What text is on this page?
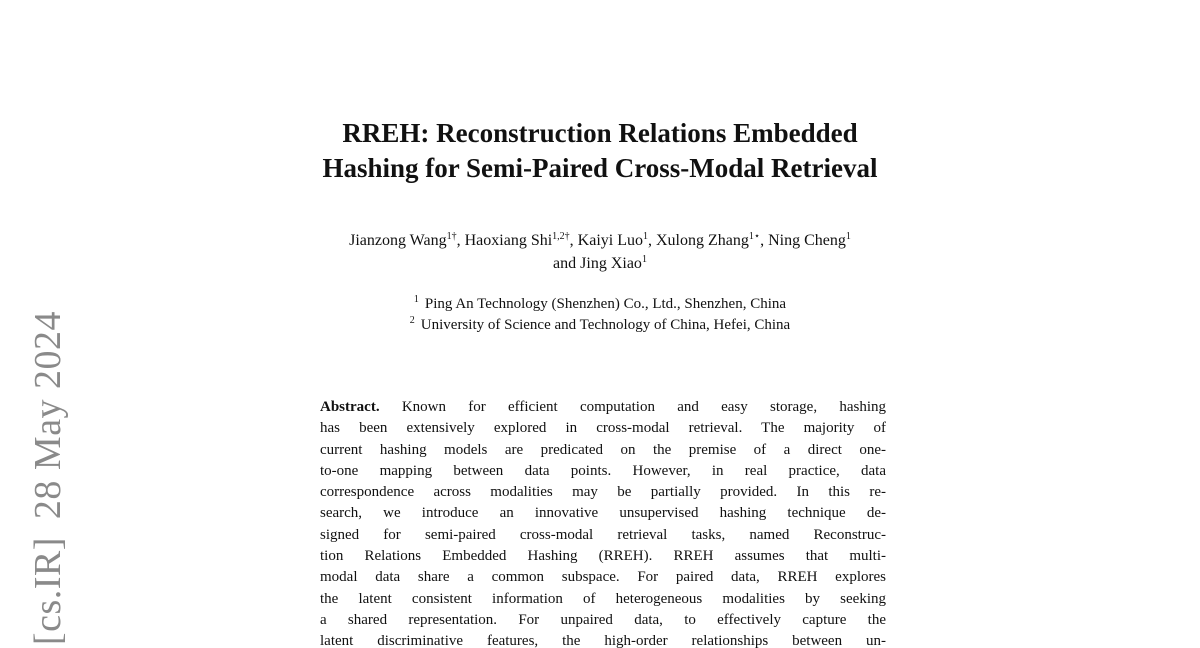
[cs.IR]28 May 2024
RREH: Reconstruction Relations Embedded
Hashing for Semi-Paired Cross-Modal Retrieval
Jianzong Wang$^{1\dagger}$, Haoxiang Shi$^{1,2\dagger}$, Kaiyi Luo$^1$, Xulong Zhang$^{1⋆}$, Ning Cheng$^1$
and Jing Xiao$^1$
$^1$ Ping An Technology (Shenzhen) Co., Ltd., Shenzhen, China
$^2$ University of Science and Technology of China, Hefei, China
Abstract. Known for efficient computation and easy storage, hashing
has been extensively explored in cross-modal retrieval. The majority of
current hashing models are predicated on the premise of a direct one-
to-one mapping between data points. However, in real practice, data
correspondence across modalities may be partially provided. In this re-
search, we introduce an innovative unsupervised hashing technique de-
signed for semi-paired cross-modal retrieval tasks, named Reconstruc-
tion Relations Embedded Hashing (RREH). RREH assumes that multi-
modal data share a common subspace. For paired data, RREH explores
the latent consistent information of heterogeneous modalities by seeking
a shared representation. For unpaired data, to effectively capture the
latent discriminative features, the high-order relationships between un-
